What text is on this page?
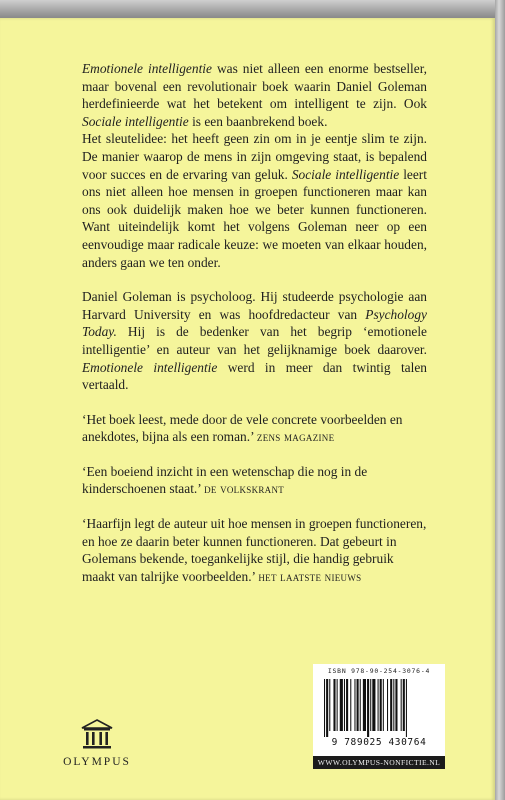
Emotionele intelligentie was niet alleen een enorme bestseller, maar bovenal een revolutionair boek waarin Daniel Goleman herdefinieerde wat het betekent om intelligent te zijn. Ook Sociale intelligentie is een baanbrekend boek.

Het sleutelidee: het heeft geen zin om in je eentje slim te zijn. De manier waarop de mens in zijn omgeving staat, is bepalend voor succes en de ervaring van geluk. Sociale intelligentie leert ons niet alleen hoe mensen in groepen functioneren maar kan ons ook duidelijk maken hoe we beter kunnen functioneren. Want uiteindelijk komt het volgens Goleman neer op een eenvoudige maar radicale keuze: we moeten van elkaar houden, anders gaan we ten onder.

Daniel Goleman is psycholoog. Hij studeerde psychologie aan Harvard University en was hoofdredacteur van Psychology Today. Hij is de bedenker van het begrip ‘emotionele intelligentie’ en auteur van het gelijknamige boek daarover. Emotionele intelligentie werd in meer dan twintig talen vertaald.

‘Het boek leest, mede door de vele concrete voorbeelden en anekdotes, bijna als een roman.’ zens magazine

‘Een boeiend inzicht in een wetenschap die nog in de kinderschoenen staat.’ de volkskrant

‘Haarfijn legt de auteur uit hoe mensen in groepen functioneren, en hoe ze daarin beter kunnen functioneren. Dat gebeurt in Golemans bekende, toegankelijke stijl, die handig gebruik maakt van talrijke voorbeelden.’ het laatste nieuws

OLYMPUS
ISBN 978-90-254-3076-4
9 789025 430764
WWW.OLYMPUS-NONFICTIE.NL
